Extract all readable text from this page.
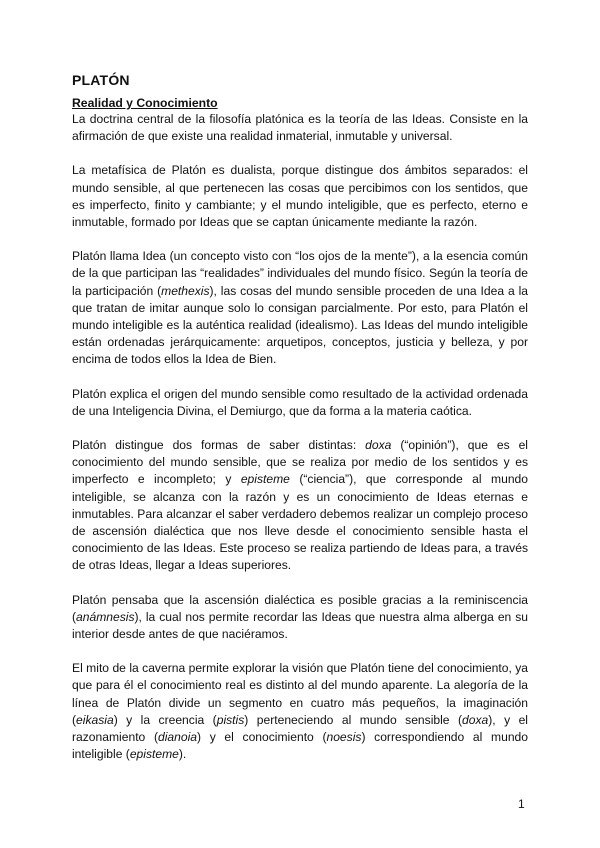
PLATÓN
Realidad y Conocimiento

La doctrina central de la filosofía platónica es la teoría de las Ideas. Consiste en la afirmación de que existe una realidad inmaterial, inmutable y universal.

La metafísica de Platón es dualista, porque distingue dos ámbitos separados: el mundo sensible, al que pertenecen las cosas que percibimos con los sentidos, que es imperfecto, finito y cambiante; y el mundo inteligible, que es perfecto, eterno e inmutable, formado por Ideas que se captan únicamente mediante la razón.

Platón llama Idea (un concepto visto con “los ojos de la mente”), a la esencia común de la que participan las “realidades” individuales del mundo físico. Según la teoría de la participación (methexis), las cosas del mundo sensible proceden de una Idea a la que tratan de imitar aunque solo lo consigan parcialmente. Por esto, para Platón el mundo inteligible es la auténtica realidad (idealismo). Las Ideas del mundo inteligible están ordenadas jerárquicamente: arquetipos, conceptos, justicia y belleza, y por encima de todos ellos la Idea de Bien.

Platón explica el origen del mundo sensible como resultado de la actividad ordenada de una Inteligencia Divina, el Demiurgo, que da forma a la materia caótica.

Platón distingue dos formas de saber distintas: doxa (“opinión”), que es el conocimiento del mundo sensible, que se realiza por medio de los sentidos y es imperfecto e incompleto; y episteme (“ciencia”), que corresponde al mundo inteligible, se alcanza con la razón y es un conocimiento de Ideas eternas e inmutables. Para alcanzar el saber verdadero debemos realizar un complejo proceso de ascensión dialéctica que nos lleve desde el conocimiento sensible hasta el conocimiento de las Ideas. Este proceso se realiza partiendo de Ideas para, a través de otras Ideas, llegar a Ideas superiores.

Platón pensaba que la ascensión dialéctica es posible gracias a la reminiscencia (anámnesis), la cual nos permite recordar las Ideas que nuestra alma alberga en su interior desde antes de que naciéramos.

El mito de la caverna permite explorar la visión que Platón tiene del conocimiento, ya que para él el conocimiento real es distinto al del mundo aparente. La alegoría de la línea de Platón divide un segmento en cuatro más pequeños, la imaginación (eikasia) y la creencia (pistis) perteneciendo al mundo sensible (doxa), y el razonamiento (dianoia) y el conocimiento (noesis) correspondiendo al mundo inteligible (episteme).

1
